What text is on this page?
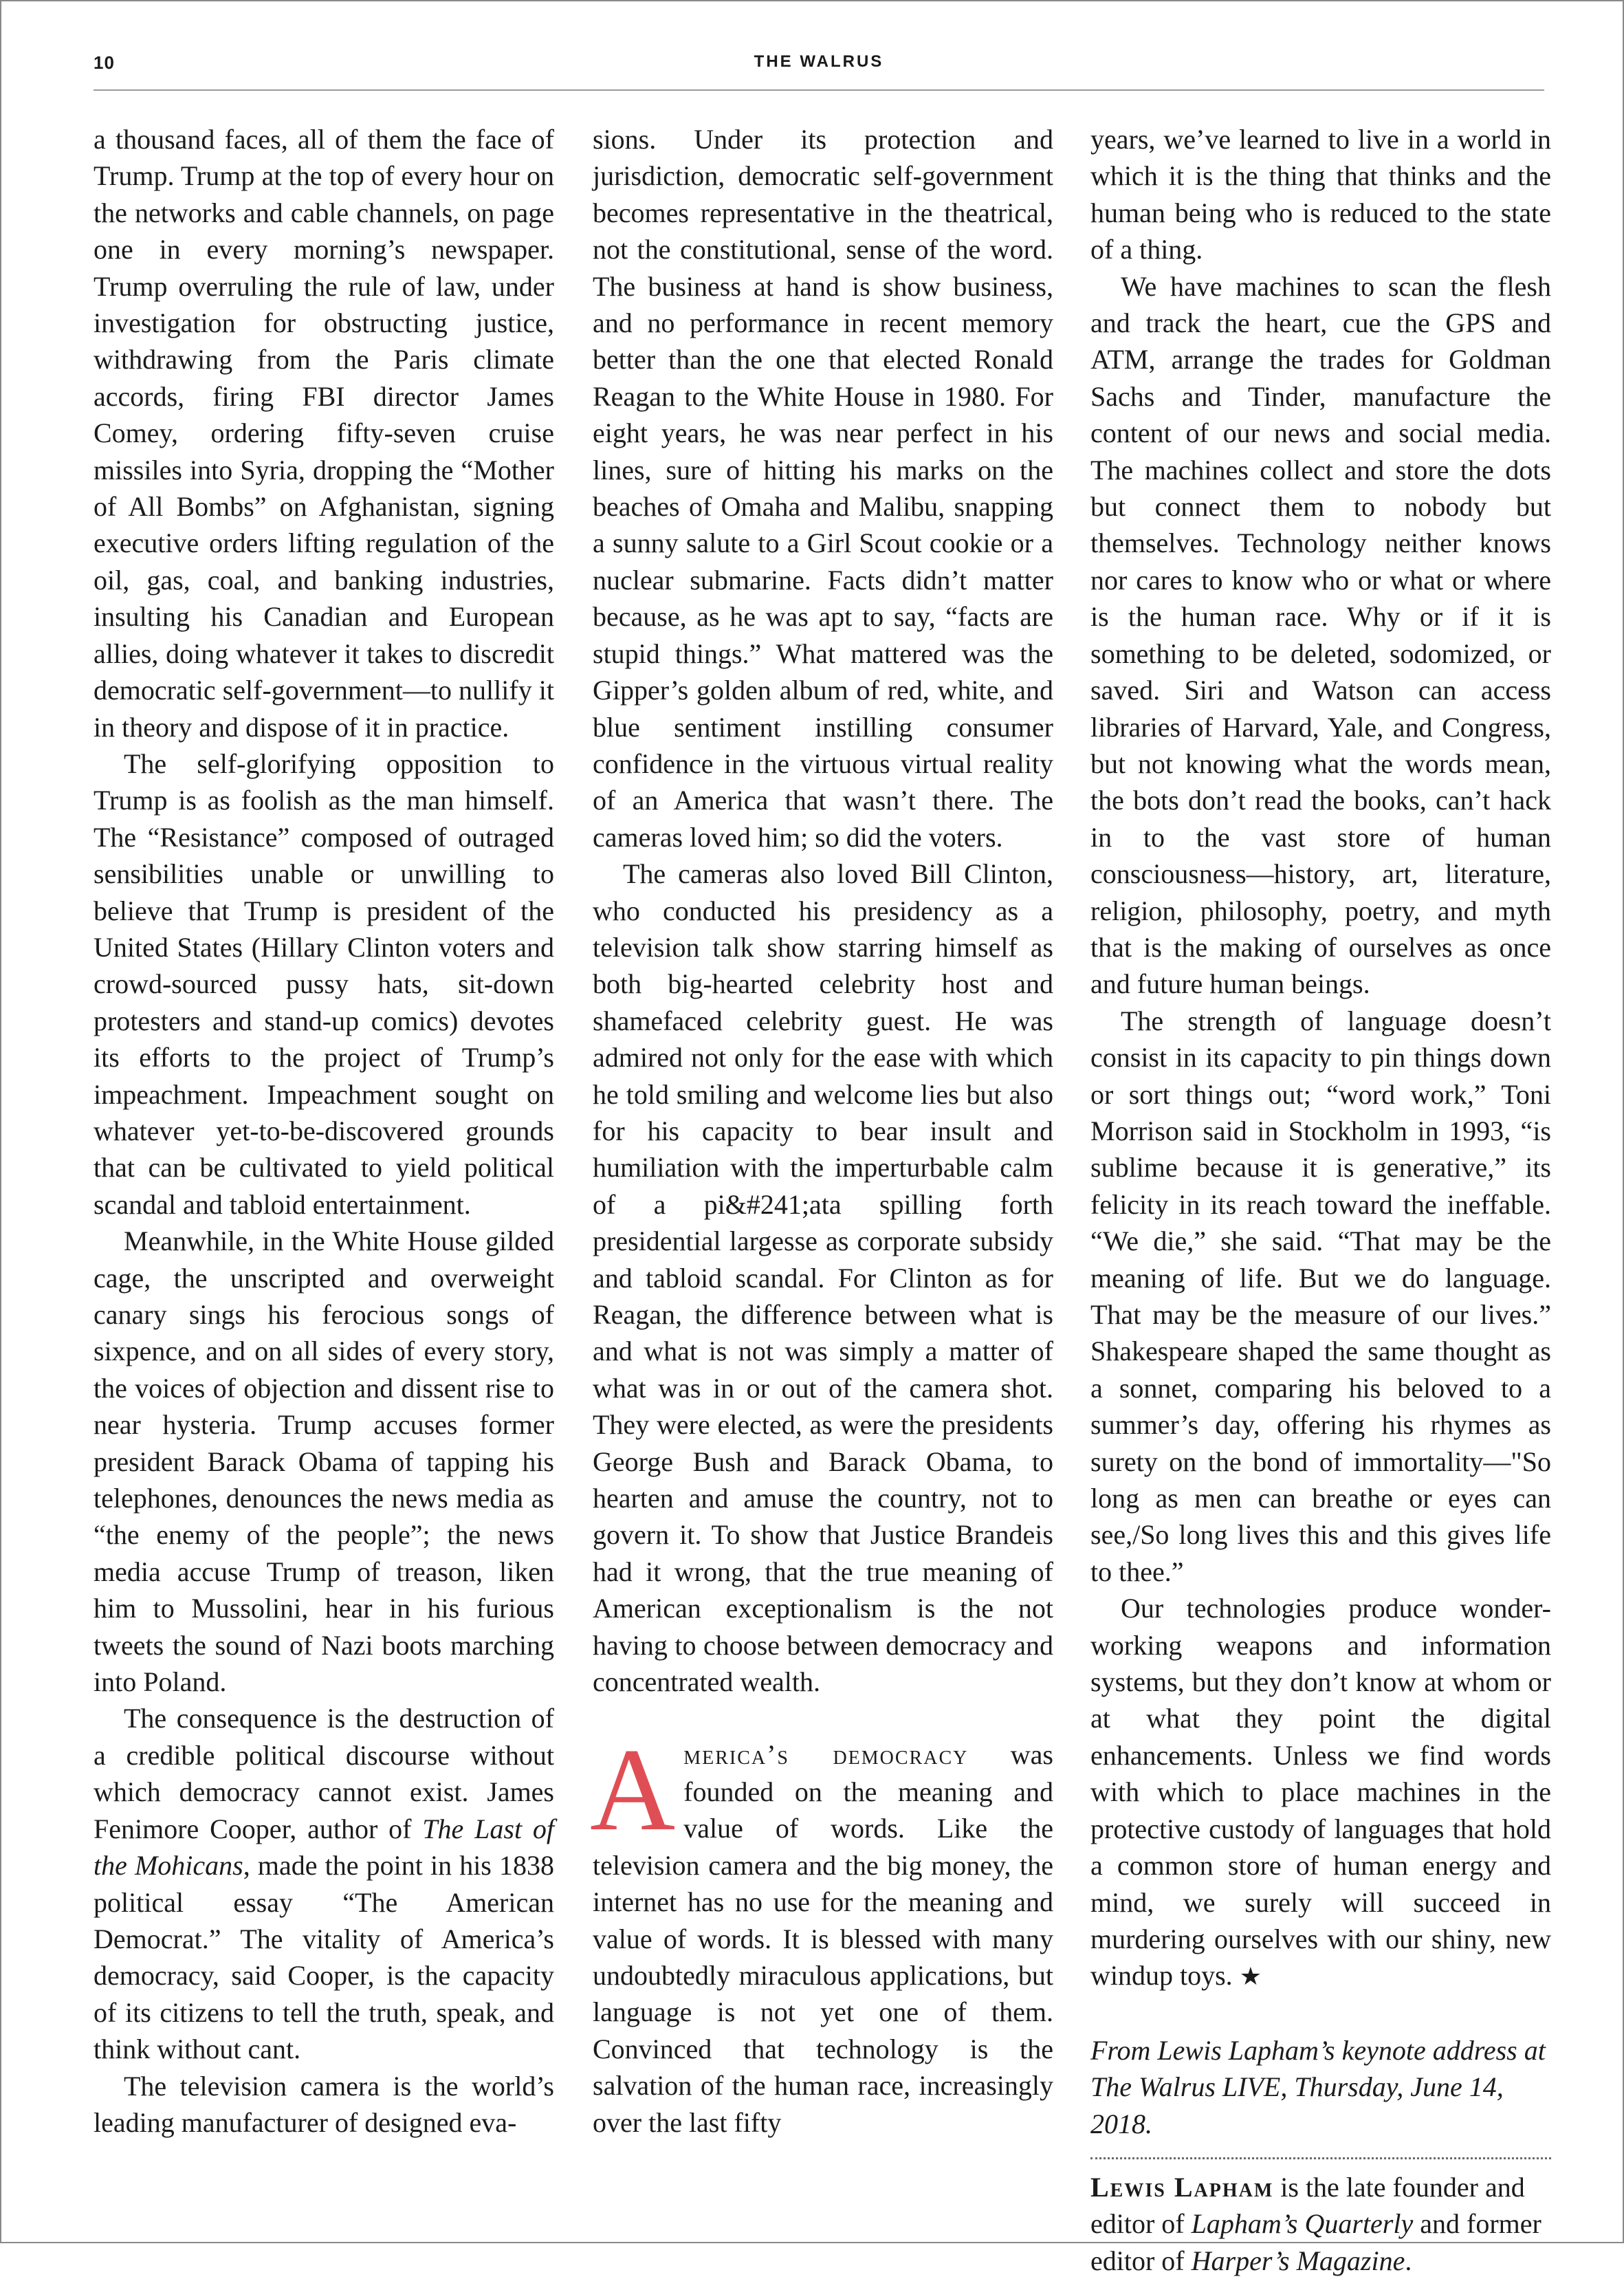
10	THE WALRUS

a thousand faces, all of them the face of Trump. Trump at the top of every hour on the networks and cable channels, on page one in every morning’s newspaper. Trump overruling the rule of law, under investigation for obstructing justice, withdrawing from the Paris climate accords, firing FBI director James Comey, ordering fifty-seven cruise missiles into Syria, dropping the “Mother of All Bombs” on Afghanistan, signing executive orders lifting regulation of the oil, gas, coal, and banking industries, insulting his Canadian and European allies, doing whatever it takes to discredit democratic self-government—to nullify it in theory and dispose of it in practice.

The self-glorifying opposition to Trump is as foolish as the man himself. The “Resistance” composed of outraged sensibilities unable or unwilling to believe that Trump is president of the United States (Hillary Clinton voters and crowd-sourced pussy hats, sit-down protesters and stand-up comics) devotes its efforts to the project of Trump’s impeachment. Impeachment sought on whatever yet-to-be-discovered grounds that can be cultivated to yield political scandal and tabloid entertainment.

Meanwhile, in the White House gilded cage, the unscripted and overweight canary sings his ferocious songs of sixpence, and on all sides of every story, the voices of objection and dissent rise to near hysteria. Trump accuses former president Barack Obama of tapping his telephones, denounces the news media as “the enemy of the people”; the news media accuse Trump of treason, liken him to Mussolini, hear in his furious tweets the sound of Nazi boots marching into Poland.

The consequence is the destruction of a credible political discourse without which democracy cannot exist. James Fenimore Cooper, author of The Last of the Mohicans, made the point in his 1838 political essay “The American Democrat.” The vitality of America’s democracy, said Cooper, is the capacity of its citizens to tell the truth, speak, and think without cant.

The television camera is the world’s leading manufacturer of designed eva-

sions. Under its protection and jurisdiction, democratic self-government becomes representative in the theatrical, not the constitutional, sense of the word. The business at hand is show business, and no performance in recent memory better than the one that elected Ronald Reagan to the White House in 1980. For eight years, he was near perfect in his lines, sure of hitting his marks on the beaches of Omaha and Malibu, snapping a sunny salute to a Girl Scout cookie or a nuclear submarine. Facts didn’t matter because, as he was apt to say, “facts are stupid things.” What mattered was the Gipper’s golden album of red, white, and blue sentiment instilling consumer confidence in the virtuous virtual reality of an America that wasn’t there. The cameras loved him; so did the voters.

The cameras also loved Bill Clinton, who conducted his presidency as a television talk show starring himself as both big-hearted celebrity host and shamefaced celebrity guest. He was admired not only for the ease with which he told smiling and welcome lies but also for his capacity to bear insult and humiliation with the imperturbable calm of a pi&#241;ata spilling forth presidential largesse as corporate subsidy and tabloid scandal. For Clinton as for Reagan, the difference between what is and what is not was simply a matter of what was in or out of the camera shot. They were elected, as were the presidents George Bush and Barack Obama, to hearten and amuse the country, not to govern it. To show that Justice Brandeis had it wrong, that the true meaning of American exceptionalism is the not having to choose between democracy and concentrated wealth.

America’s democracy was founded on the meaning and value of words. Like the television camera and the big money, the internet has no use for the meaning and value of words. It is blessed with many undoubtedly miraculous applications, but language is not yet one of them. Convinced that technology is the salvation of the human race, increasingly over the last fifty

years, we’ve learned to live in a world in which it is the thing that thinks and the human being who is reduced to the state of a thing.

We have machines to scan the flesh and track the heart, cue the GPS and ATM, arrange the trades for Goldman Sachs and Tinder, manufacture the content of our news and social media. The machines collect and store the dots but connect them to nobody but themselves. Technology neither knows nor cares to know who or what or where is the human race. Why or if it is something to be deleted, sodomized, or saved. Siri and Watson can access libraries of Harvard, Yale, and Congress, but not knowing what the words mean, the bots don’t read the books, can’t hack in to the vast store of human consciousness—history, art, literature, religion, philosophy, poetry, and myth that is the making of ourselves as once and future human beings.

The strength of language doesn’t consist in its capacity to pin things down or sort things out; “word work,” Toni Morrison said in Stockholm in 1993, “is sublime because it is generative,” its felicity in its reach toward the ineffable. “We die,” she said. “That may be the meaning of life. But we do language. That may be the measure of our lives.” Shakespeare shaped the same thought as a sonnet, comparing his beloved to a summer’s day, offering his rhymes as surety on the bond of immortality—"So long as men can breathe or eyes can see,/So long lives this and this gives life to thee.”

Our technologies produce wonder-working weapons and information systems, but they don’t know at whom or at what they point the digital enhancements. Unless we find words with which to place machines in the protective custody of languages that hold a common store of human energy and mind, we surely will succeed in murdering ourselves with our shiny, new windup toys. ★

From Lewis Lapham’s keynote address at The Walrus LIVE, Thursday, June 14, 2018.

Lewis Lapham is the late founder and editor of Lapham’s Quarterly and former editor of Harper’s Magazine.
